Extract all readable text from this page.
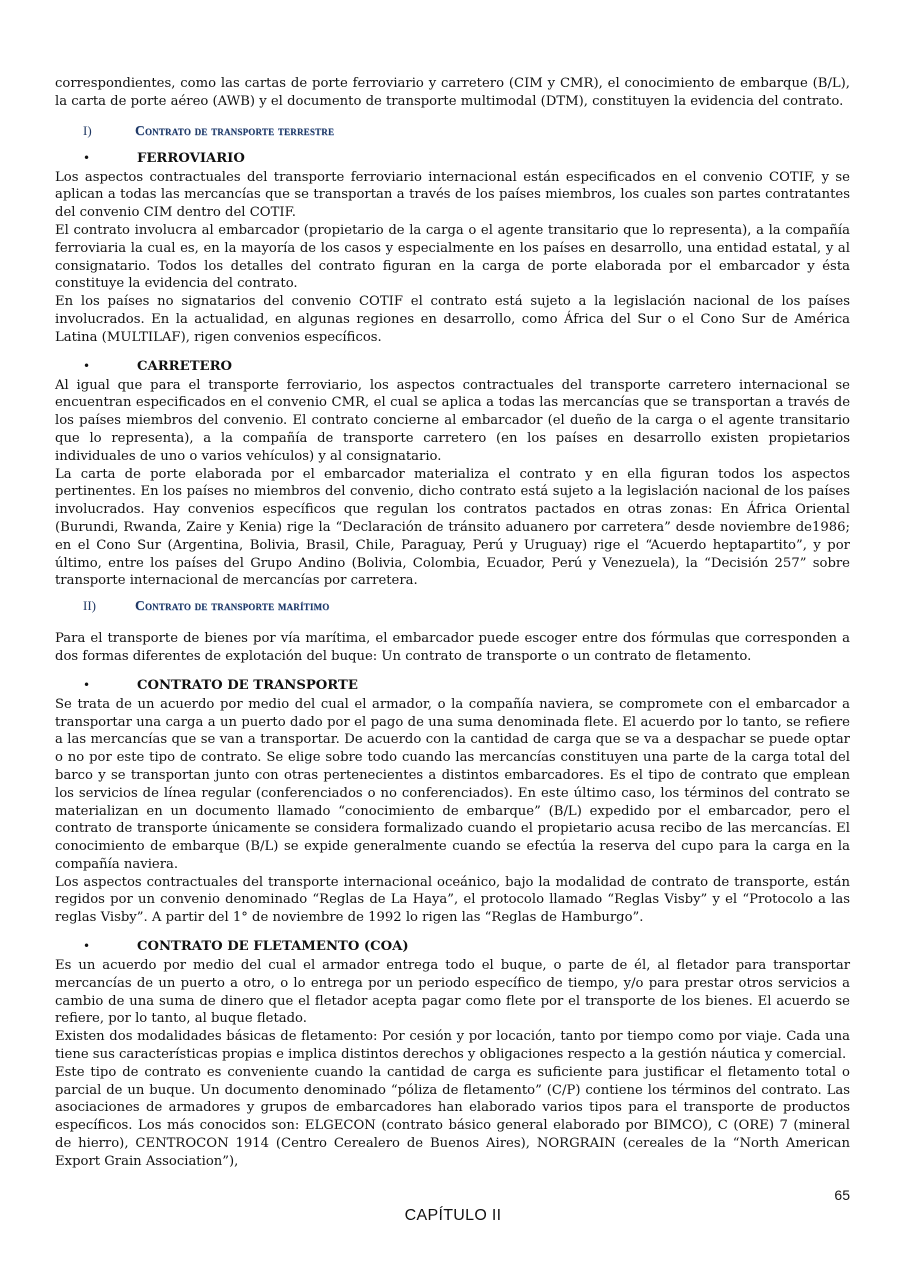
correspondientes, como las cartas de porte ferroviario y carretero (CIM y CMR), el conocimiento de embarque (B/L), la carta de porte aéreo (AWB) y el documento de transporte multimodal (DTM), constituyen la evidencia del contrato.

I)	Contrato de transporte terrestre
•	FERROVIARIO

Los aspectos contractuales del transporte ferroviario internacional están especificados en el convenio COTIF, y se aplican a todas las mercancías que se transportan a través de los países miembros, los cuales son partes contratantes del convenio CIM dentro del COTIF.

El contrato involucra al embarcador (propietario de la carga o el agente transitario que lo representa), a la compañía ferroviaria la cual es, en la mayoría de los casos y especialmente en los países en desarrollo, una entidad estatal, y al consignatario. Todos los detalles del contrato figuran en la carga de porte elaborada por el embarcador y ésta constituye la evidencia del contrato.

En los países no signatarios del convenio COTIF el contrato está sujeto a la legislación nacional de los países involucrados. En la actualidad, en algunas regiones en desarrollo, como África del Sur o el Cono Sur de América Latina (MULTILAF), rigen convenios específicos.

•	CARRETERO

Al igual que para el transporte ferroviario, los aspectos contractuales del transporte carretero internacional se encuentran especificados en el convenio CMR, el cual se aplica a todas las mercancías que se transportan a través de los países miembros del convenio. El contrato concierne al embarcador (el dueño de la carga o el agente transitario que lo representa), a la compañía de transporte carretero (en los países en desarrollo existen propietarios individuales de uno o varios vehículos) y al consignatario.

La carta de porte elaborada por el embarcador materializa el contrato y en ella figuran todos los aspectos pertinentes. En los países no miembros del convenio, dicho contrato está sujeto a la legislación nacional de los países involucrados. Hay convenios específicos que regulan los contratos pactados en otras zonas: En África Oriental (Burundi, Rwanda, Zaire y Kenia) rige la “Declaración de tránsito aduanero por carretera” desde noviembre de1986; en el Cono Sur (Argentina, Bolivia, Brasil, Chile, Paraguay, Perú y Uruguay) rige el “Acuerdo heptapartito”, y por último, entre los países del Grupo Andino (Bolivia, Colombia, Ecuador, Perú y Venezuela), la “Decisión 257” sobre transporte internacional de mercancías por carretera.

II)	Contrato de transporte marítimo

Para el transporte de bienes por vía marítima, el embarcador puede escoger entre dos fórmulas que corresponden a dos formas diferentes de explotación del buque: Un contrato de transporte o un contrato de fletamento.

•	CONTRATO DE TRANSPORTE

Se trata de un acuerdo por medio del cual el armador, o la compañía naviera, se compromete con el embarcador a transportar una carga a un puerto dado por el pago de una suma denominada flete. El acuerdo por lo tanto, se refiere a las mercancías que se van a transportar. De acuerdo con la cantidad de carga que se va a despachar se puede optar o no por este tipo de contrato. Se elige sobre todo cuando las mercancías constituyen una parte de la carga total del barco y se transportan junto con otras pertenecientes a distintos embarcadores. Es el tipo de contrato que emplean los servicios de línea regular (conferenciados o no conferenciados). En este último caso, los términos del contrato se materializan en un documento llamado “conocimiento de embarque” (B/L) expedido por el embarcador, pero el contrato de transporte únicamente se considera formalizado cuando el propietario acusa recibo de las mercancías. El conocimiento de embarque (B/L) se expide generalmente cuando se efectúa la reserva del cupo para la carga en la compañía naviera.

Los aspectos contractuales del transporte internacional oceánico, bajo la modalidad de contrato de transporte, están regidos por un convenio denominado “Reglas de La Haya”, el protocolo llamado “Reglas Visby” y el “Protocolo a las reglas Visby”. A partir del 1° de noviembre de 1992 lo rigen las “Reglas de Hamburgo”.

•	CONTRATO DE FLETAMENTO (COA)

Es un acuerdo por medio del cual el armador entrega todo el buque, o parte de él, al fletador para transportar mercancías de un puerto a otro, o lo entrega por un periodo específico de tiempo, y/o para prestar otros servicios a cambio de una suma de dinero que el fletador acepta pagar como flete por el transporte de los bienes. El acuerdo se refiere, por lo tanto, al buque fletado.

Existen dos modalidades básicas de fletamento: Por cesión y por locación, tanto por tiempo como por viaje. Cada una tiene sus características propias e implica distintos derechos y obligaciones respecto a la gestión náutica y comercial.

Este tipo de contrato es conveniente cuando la cantidad de carga es suficiente para justificar el fletamento total o parcial de un buque. Un documento denominado “póliza de fletamento” (C/P) contiene los términos del contrato. Las asociaciones de armadores y grupos de embarcadores han elaborado varios tipos para el transporte de productos específicos. Los más conocidos son: ELGECON (contrato básico general elaborado por BIMCO), C (ORE) 7 (mineral de hierro), CENTROCON 1914 (Centro Cerealero de Buenos Aires), NORGRAIN (cereales de la “North American Export Grain Association”),

65
CAPÍTULO II
